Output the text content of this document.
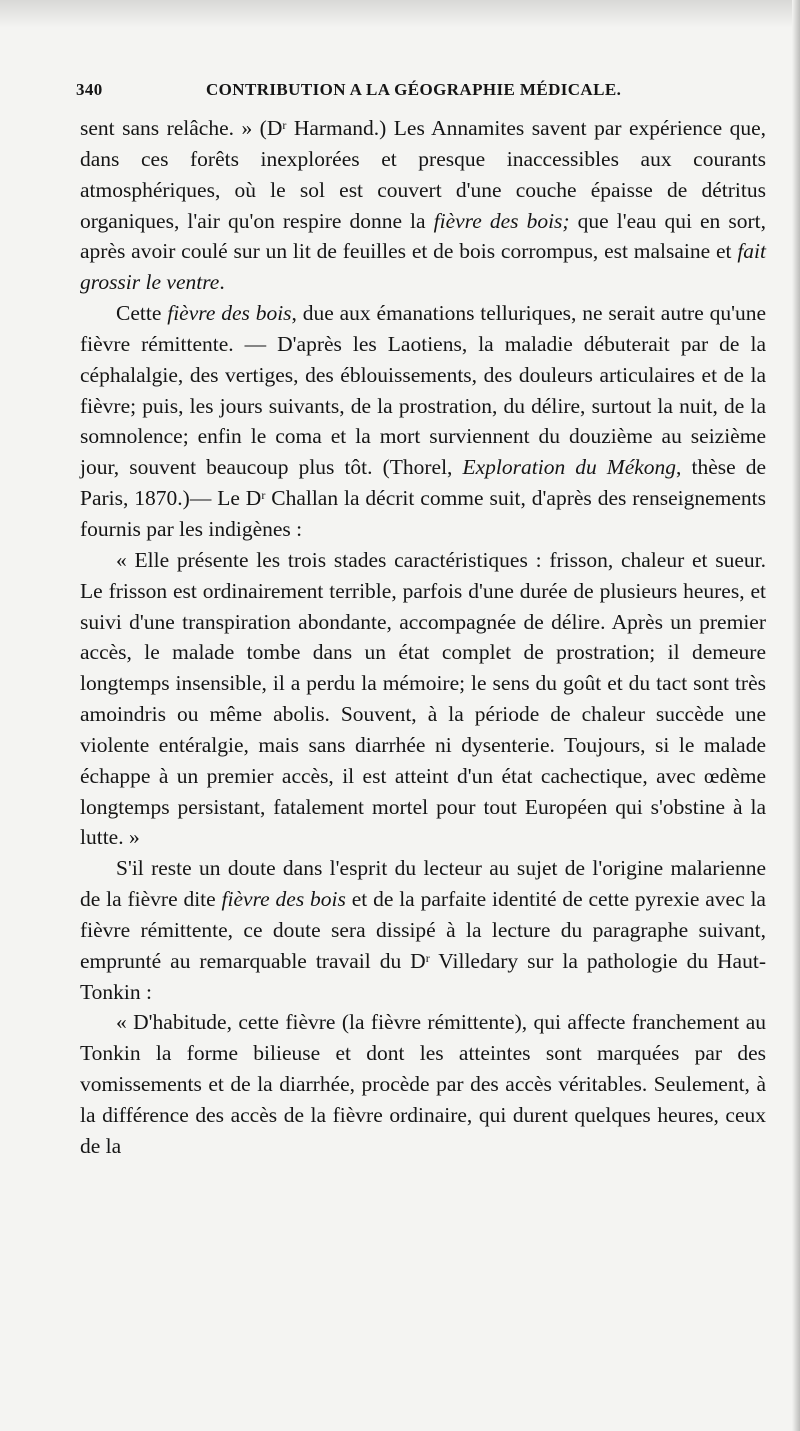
340	CONTRIBUTION A LA GÉOGRAPHIE MÉDICALE.

sent sans relâche. » ($D^r$ Harmand.) Les Annamites savent par expérience que, dans ces forêts inexplorées et presque inaccessibles aux courants atmosphériques, où le sol est couvert d'une couche épaisse de détritus organiques, l'air qu'on respire donne la fièvre des bois; que l'eau qui en sort, après avoir coulé sur un lit de feuilles et de bois corrompus, est malsaine et fait grossir le ventre.

Cette fièvre des bois, due aux émanations telluriques, ne serait autre qu'une fièvre rémittente. — D'après les Laotiens, la maladie débuterait par de la céphalalgie, des vertiges, des éblouissements, des douleurs articulaires et de la fièvre; puis, les jours suivants, de la prostration, du délire, surtout la nuit, de la somnolence; enfin le coma et la mort surviennent du douzième au seizième jour, souvent beaucoup plus tôt. (Thorel, Exploration du Mékong, thèse de Paris, 1870.)— Le $D^r$ Challan la décrit comme suit, d'après des renseignements fournis par les indigènes :

« Elle présente les trois stades caractéristiques : frisson, chaleur et sueur. Le frisson est ordinairement terrible, parfois d'une durée de plusieurs heures, et suivi d'une transpiration abondante, accompagnée de délire. Après un premier accès, le malade tombe dans un état complet de prostration; il demeure longtemps insensible, il a perdu la mémoire; le sens du goût et du tact sont très amoindris ou même abolis. Souvent, à la période de chaleur succède une violente entéralgie, mais sans diarrhée ni dysenterie. Toujours, si le malade échappe à un premier accès, il est atteint d'un état cachectique, avec œdème longtemps persistant, fatalement mortel pour tout Européen qui s'obstine à la lutte. »

S'il reste un doute dans l'esprit du lecteur au sujet de l'origine malarienne de la fièvre dite fièvre des bois et de la parfaite identité de cette pyrexie avec la fièvre rémittente, ce doute sera dissipé à la lecture du paragraphe suivant, emprunté au remarquable travail du $D^r$ Villedary sur la pathologie du Haut-Tonkin :

« D'habitude, cette fièvre (la fièvre rémittente), qui affecte franchement au Tonkin la forme bilieuse et dont les atteintes sont marquées par des vomissements et de la diarrhée, procède par des accès véritables. Seulement, à la différence des accès de la fièvre ordinaire, qui durent quelques heures, ceux de la
